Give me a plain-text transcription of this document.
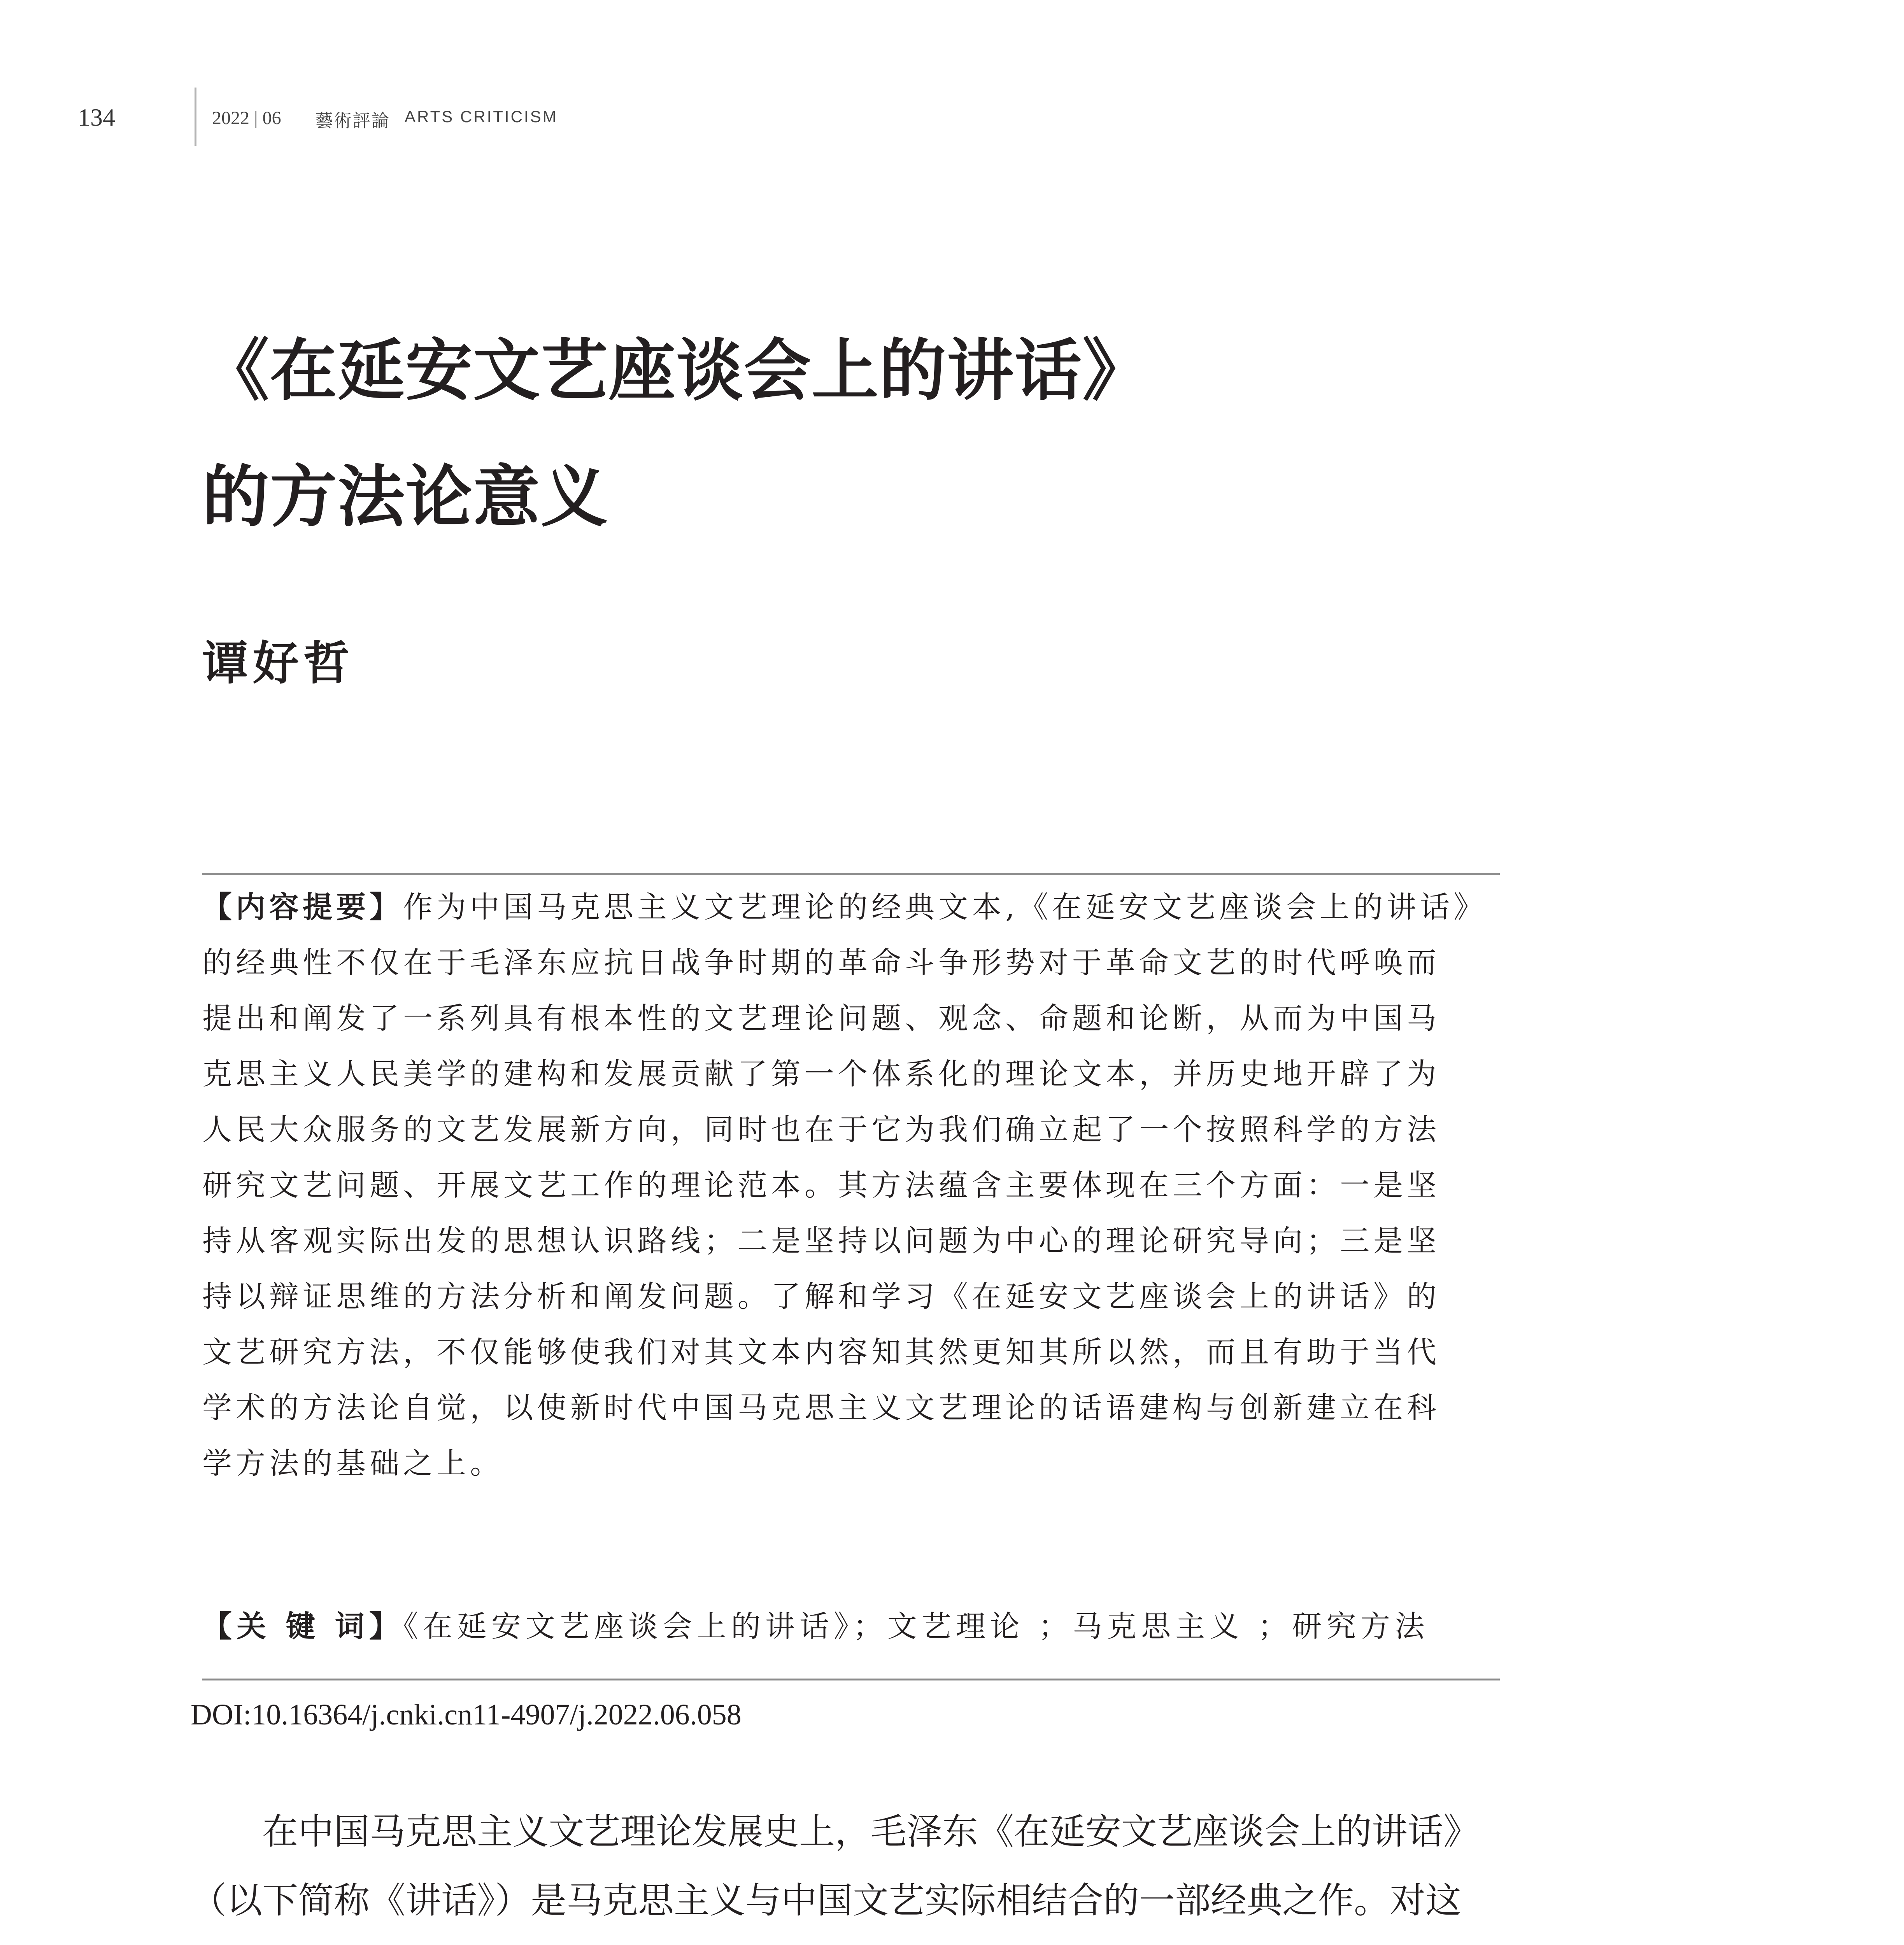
134	2022 | 06 藝術評論 ARTS CRITICISM
《在延安文艺座谈会上的讲话》
的方法论意义
谭好哲
【内容提要】作为中国马克思主义文艺理论的经典文本,《在延安文艺座谈会上的讲话》
的经典性不仅在于毛泽东应抗日战争时期的革命斗争形势对于革命文艺的时代呼唤而
提出和阐发了一系列具有根本性的文艺理论问题、观念、命题和论断，从而为中国马
克思主义人民美学的建构和发展贡献了第一个体系化的理论文本，并历史地开辟了为
人民大众服务的文艺发展新方向，同时也在于它为我们确立起了一个按照科学的方法
研究文艺问题、开展文艺工作的理论范本。其方法蕴含主要体现在三个方面：一是坚
持从客观实际出发的思想认识路线；二是坚持以问题为中心的理论研究导向；三是坚
持以辩证思维的方法分析和阐发问题。了解和学习《在延安文艺座谈会上的讲话》的
文艺研究方法，不仅能够使我们对其文本内容知其然更知其所以然，而且有助于当代
学术的方法论自觉，以使新时代中国马克思主义文艺理论的话语建构与创新建立在科
学方法的基础之上。
【关 键 词】《在延安文艺座谈会上的讲话》；文艺理论 ；马克思主义 ；研究方法
DOI:10.16364/j.cnki.cn11-4907/j.2022.06.058
在中国马克思主义文艺理论发展史上，毛泽东《在延安文艺座谈会上的讲话》
（以下简称《讲话》）是马克思主义与中国文艺实际相结合的一部经典之作。对这
